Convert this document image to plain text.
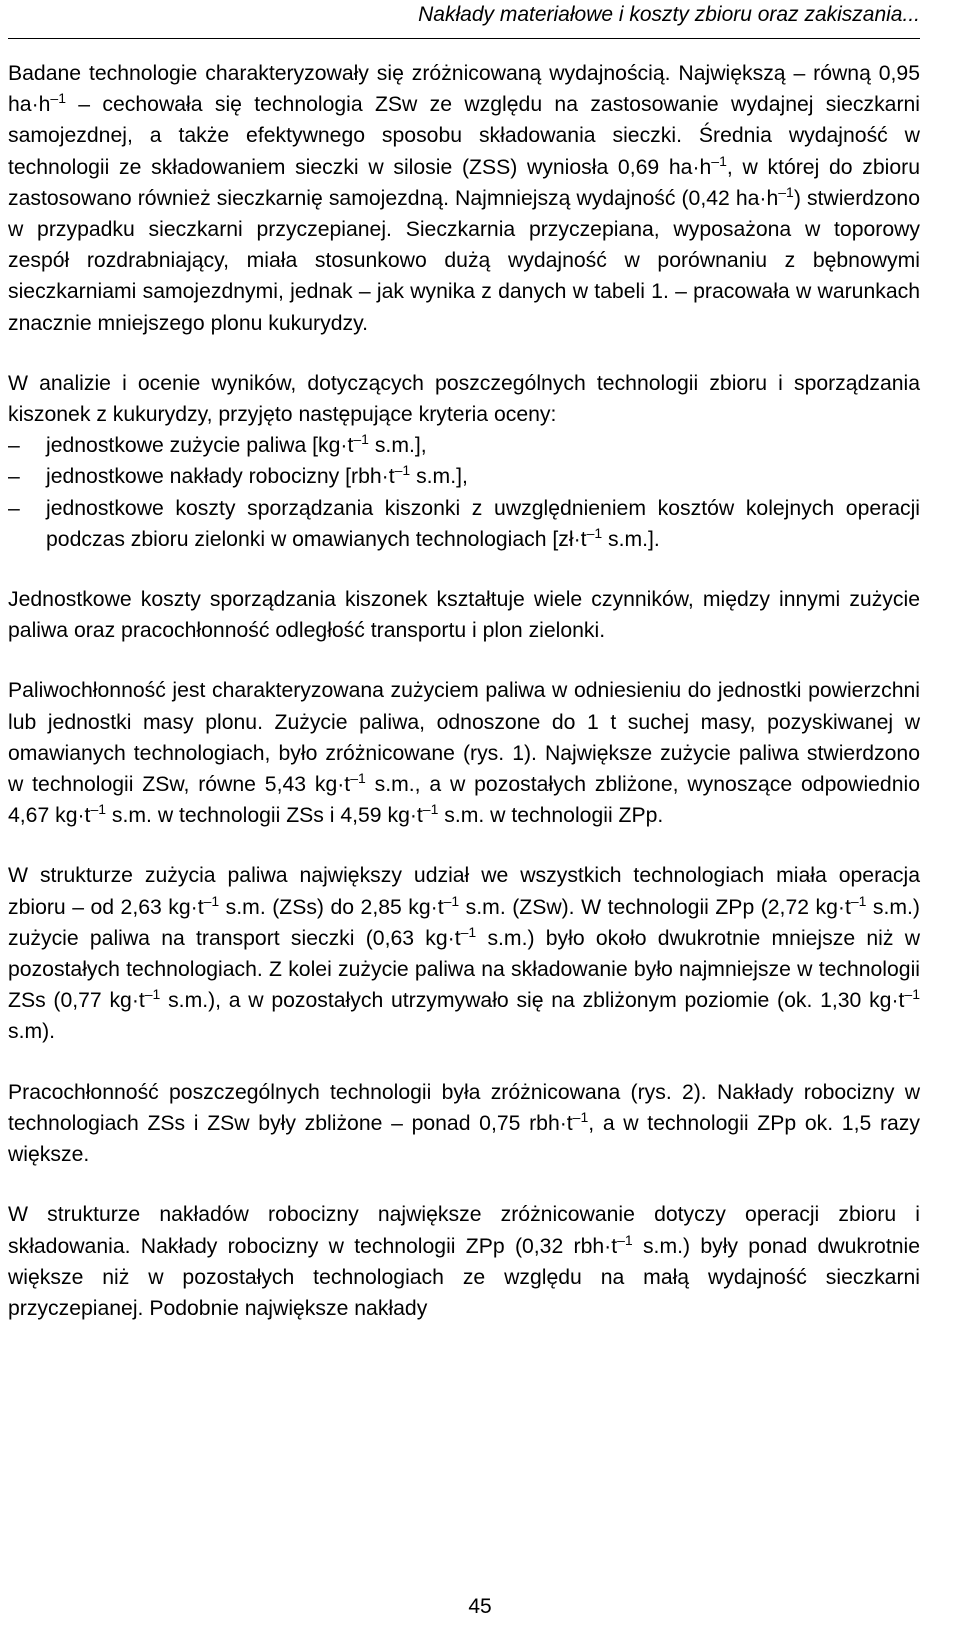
Nakłady materiałowe i koszty zbioru oraz zakiszania...

Badane technologie charakteryzowały się zróżnicowaną wydajnością. Największą – równą 0,95 $ha\cdot h^{-1}$ – cechowała się technologia ZSw ze względu na zastosowanie wydajnej sieczkarni samojezdnej, a także efektywnego sposobu składowania sieczki. Średnia wydajność w technologii ze składowaniem sieczki w silosie (ZSS) wyniosła 0,69 $ha\cdot h^{-1}$, w której do zbioru zastosowano również sieczkarnię samojezdną. Najmniejszą wydajność (0,42 $ha\cdot h^{-1}$) stwierdzono w przypadku sieczkarni przyczepianej. Sieczkarnia przyczepiana, wyposażona w toporowy zespół rozdrabniający, miała stosunkowo dużą wydajność w porównaniu z bębnowymi sieczkarniami samojezdnymi, jednak – jak wynika z danych w tabeli 1. – pracowała w warunkach znacznie mniejszego plonu kukurydzy.

W analizie i ocenie wyników, dotyczących poszczególnych technologii zbioru i sporządzania kiszonek z kukurydzy, przyjęto następujące kryteria oceny:

– jednostkowe zużycie paliwa [$kg\cdot t^{-1}$ s.m.],
– jednostkowe nakłady robocizny [$rbh\cdot t^{-1}$ s.m.],
– jednostkowe koszty sporządzania kiszonki z uwzględnieniem kosztów kolejnych operacji podczas zbioru zielonki w omawianych technologiach [$zł\cdot t^{-1}$ s.m.].

Jednostkowe koszty sporządzania kiszonek kształtuje wiele czynników, między innymi zużycie paliwa oraz pracochłonność odległość transportu i plon zielonki.

Paliwochłonność jest charakteryzowana zużyciem paliwa w odniesieniu do jednostki powierzchni lub jednostki masy plonu. Zużycie paliwa, odnoszone do 1 t suchej masy, pozyskiwanej w omawianych technologiach, było zróżnicowane (rys. 1). Największe zużycie paliwa stwierdzono w technologii ZSw, równe 5,43 $kg\cdot t^{-1}$ s.m., a w pozostałych zbliżone, wynoszące odpowiednio 4,67 $kg\cdot t^{-1}$ s.m. w technologii ZSs i 4,59 $kg\cdot t^{-1}$ s.m. w technologii ZPp.

W strukturze zużycia paliwa największy udział we wszystkich technologiach miała operacja zbioru – od 2,63 $kg\cdot t^{-1}$ s.m. (ZSs) do 2,85 $kg\cdot t^{-1}$ s.m. (ZSw). W technologii ZPp (2,72 $kg\cdot t^{-1}$ s.m.) zużycie paliwa na transport sieczki (0,63 $kg\cdot t^{-1}$ s.m.) było około dwukrotnie mniejsze niż w pozostałych technologiach. Z kolei zużycie paliwa na składowanie było najmniejsze w technologii ZSs (0,77 $kg\cdot t^{-1}$ s.m.), a w pozostałych utrzymywało się na zbliżonym poziomie (ok. 1,30 $kg\cdot t^{-1}$ s.m).

Pracochłonność poszczególnych technologii była zróżnicowana (rys. 2). Nakłady robocizny w technologiach ZSs i ZSw były zbliżone – ponad 0,75 $rbh\cdot t^{-1}$, a w technologii ZPp ok. 1,5 razy większe.

W strukturze nakładów robocizny największe zróżnicowanie dotyczy operacji zbioru i składowania. Nakłady robocizny w technologii ZPp (0,32 $rbh\cdot t^{-1}$ s.m.) były ponad dwukrotnie większe niż w pozostałych technologiach ze względu na małą wydajność sieczkarni przyczepianej. Podobnie największe nakłady

45
